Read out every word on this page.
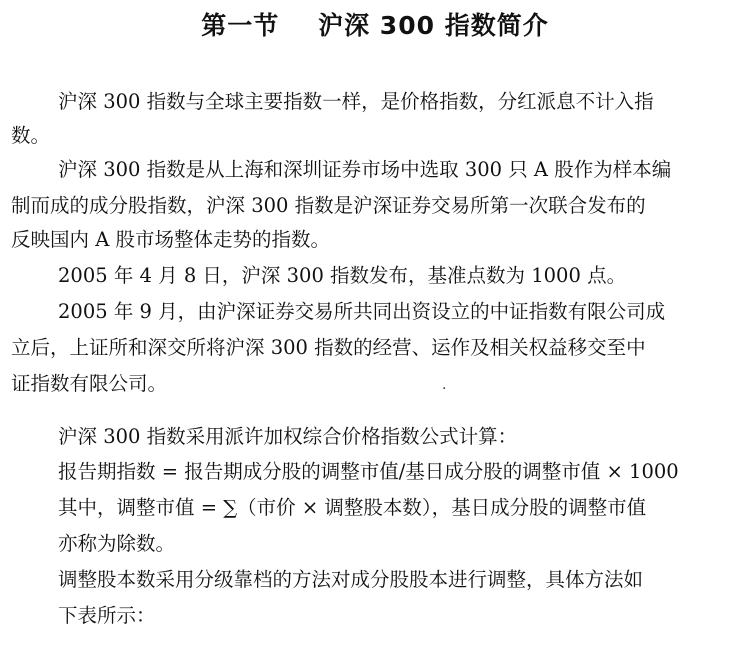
第一节    沪深 300 指数简介
沪深 300 指数与全球主要指数一样，是价格指数，分红派息不计入指
数。
沪深 300 指数是从上海和深圳证券市场中选取 300 只 A 股作为样本编
制而成的成分股指数，沪深 300 指数是沪深证券交易所第一次联合发布的
反映国内 A 股市场整体走势的指数。
2005 年 4 月 8 日，沪深 300 指数发布，基准点数为 1000 点。
2005 年 9 月，由沪深证券交易所共同出资设立的中证指数有限公司成
立后，上证所和深交所将沪深 300 指数的经营、运作及相关权益移交至中
证指数有限公司。
沪深 300 指数采用派许加权综合价格指数公式计算：
报告期指数 = 报告期成分股的调整市值/基日成分股的调整市值 × 1000
其中，调整市值 = ∑（市价 × 调整股本数），基日成分股的调整市值
亦称为除数。
调整股本数采用分级靠档的方法对成分股股本进行调整，具体方法如
下表所示：
·
